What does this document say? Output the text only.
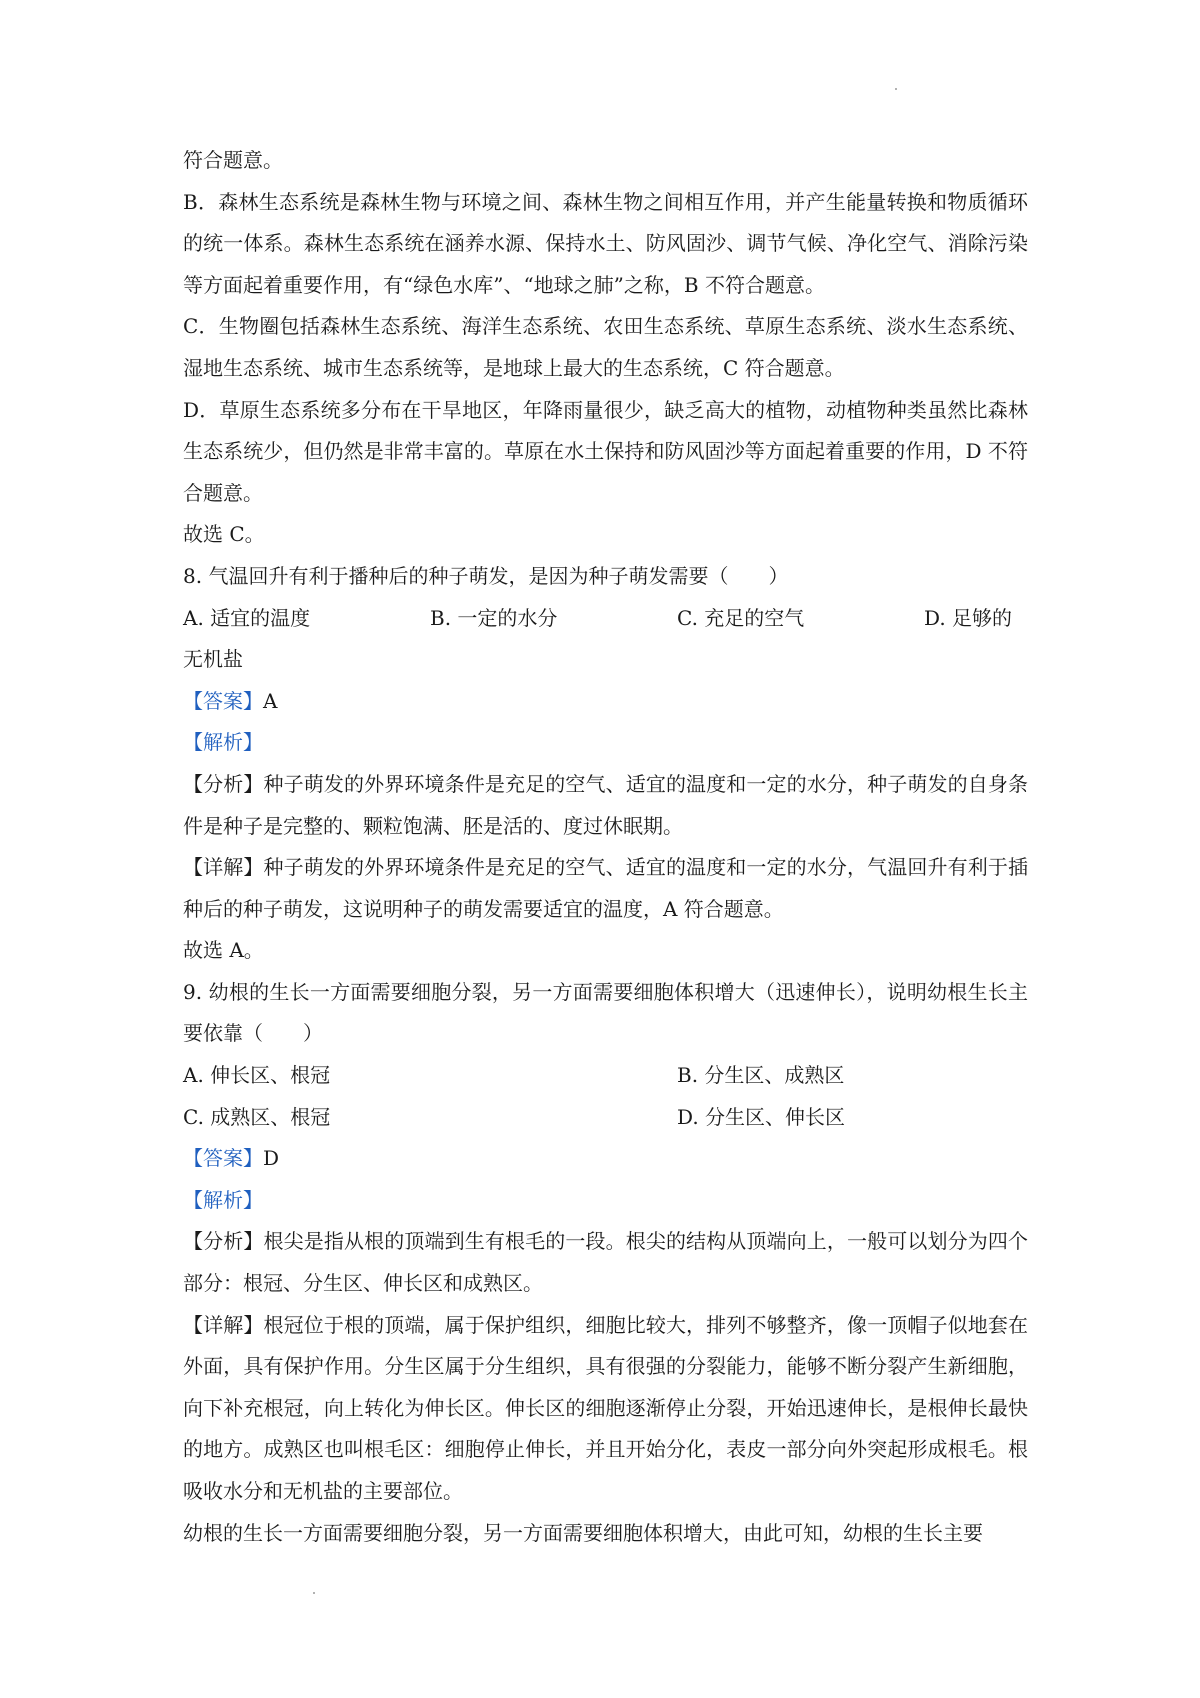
符合题意。

B．森林生态系统是森林生物与环境之间、森林生物之间相互作用，并产生能量转换和物质循环的统一体系。森林生态系统在涵养水源、保持水土、防风固沙、调节气候、净化空气、消除污染等方面起着重要作用，有“绿色水库”、“地球之肺”之称，B 不符合题意。

C．生物圈包括森林生态系统、海洋生态系统、农田生态系统、草原生态系统、淡水生态系统、湿地生态系统、城市生态系统等，是地球上最大的生态系统，C 符合题意。

D．草原生态系统多分布在干旱地区，年降雨量很少，缺乏高大的植物，动植物种类虽然比森林生态系统少，但仍然是非常丰富的。草原在水土保持和防风固沙等方面起着重要的作用，D 不符合题意。

故选 C。

8. 气温回升有利于播种后的种子萌发，是因为种子萌发需要（　　）

A. 适宜的温度	B. 一定的水分	C. 充足的空气	D. 足够的

无机盐

【答案】A

【解析】

【分析】种子萌发的外界环境条件是充足的空气、适宜的温度和一定的水分，种子萌发的自身条件是种子是完整的、颗粒饱满、胚是活的、度过休眠期。

【详解】种子萌发的外界环境条件是充足的空气、适宜的温度和一定的水分，气温回升有利于插种后的种子萌发，这说明种子的萌发需要适宜的温度，A 符合题意。

故选 A。

9. 幼根的生长一方面需要细胞分裂，另一方面需要细胞体积增大（迅速伸长），说明幼根生长主要依靠（　　）

A. 伸长区、根冠	B. 分生区、成熟区
C. 成熟区、根冠	D. 分生区、伸长区

【答案】D

【解析】

【分析】根尖是指从根的顶端到生有根毛的一段。根尖的结构从顶端向上，一般可以划分为四个部分：根冠、分生区、伸长区和成熟区。

【详解】根冠位于根的顶端，属于保护组织，细胞比较大，排列不够整齐，像一顶帽子似地套在外面，具有保护作用。分生区属于分生组织，具有很强的分裂能力，能够不断分裂产生新细胞，向下补充根冠，向上转化为伸长区。伸长区的细胞逐渐停止分裂，开始迅速伸长，是根伸长最快的地方。成熟区也叫根毛区：细胞停止伸长，并且开始分化，表皮一部分向外突起形成根毛。根吸收水分和无机盐的主要部位。

幼根的生长一方面需要细胞分裂，另一方面需要细胞体积增大，由此可知，幼根的生长主要
